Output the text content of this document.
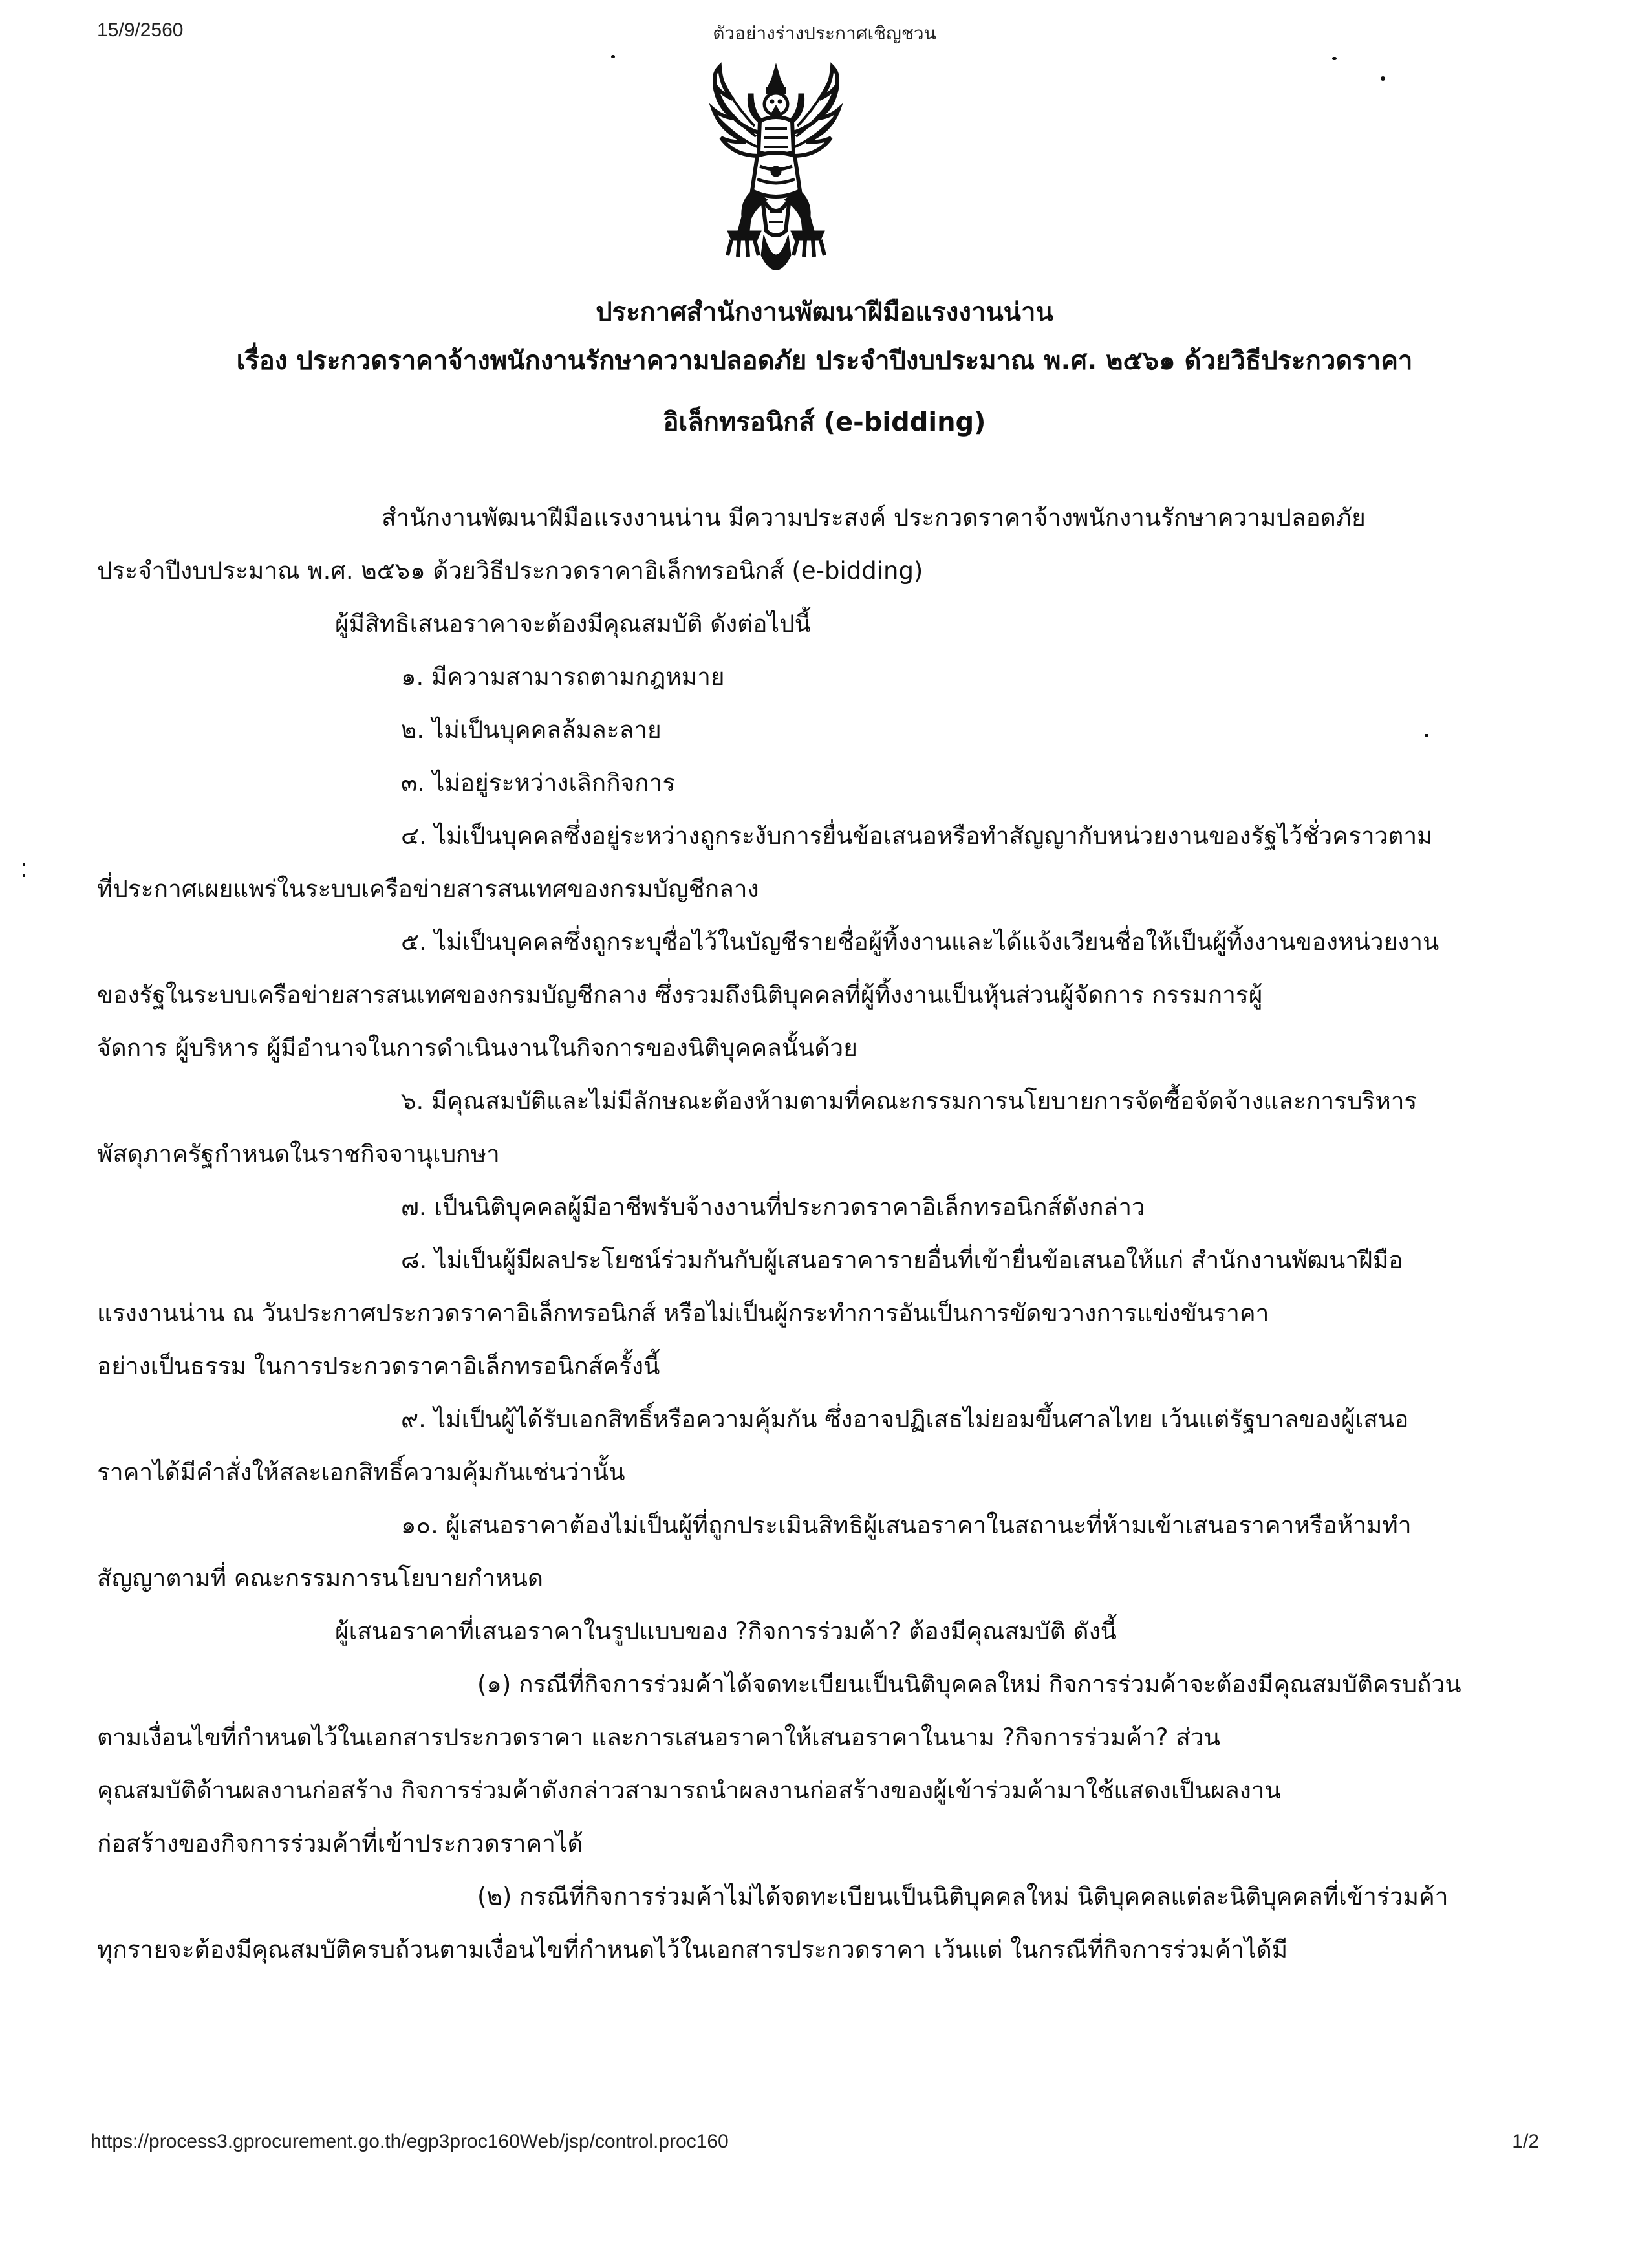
15/9/2560	ตัวอย่างร่างประกาศเชิญชวน
ประกาศสำนักงานพัฒนาฝีมือแรงงานน่าน
เรื่อง ประกวดราคาจ้างพนักงานรักษาความปลอดภัย ประจำปีงบประมาณ พ.ศ. ๒๕๖๑ ด้วยวิธีประกวดราคา
อิเล็กทรอนิกส์ (e-bidding)
สำนักงานพัฒนาฝีมือแรงงานน่าน มีความประสงค์ ประกวดราคาจ้างพนักงานรักษาความปลอดภัย
ประจำปีงบประมาณ พ.ศ. ๒๕๖๑ ด้วยวิธีประกวดราคาอิเล็กทรอนิกส์ (e-bidding)
ผู้มีสิทธิเสนอราคาจะต้องมีคุณสมบัติ ดังต่อไปนี้
๑. มีความสามารถตามกฎหมาย
๒. ไม่เป็นบุคคลล้มละลาย
๓. ไม่อยู่ระหว่างเลิกกิจการ
๔. ไม่เป็นบุคคลซึ่งอยู่ระหว่างถูกระงับการยื่นข้อเสนอหรือทำสัญญากับหน่วยงานของรัฐไว้ชั่วคราวตาม
ที่ประกาศเผยแพร่ในระบบเครือข่ายสารสนเทศของกรมบัญชีกลาง
๕. ไม่เป็นบุคคลซึ่งถูกระบุชื่อไว้ในบัญชีรายชื่อผู้ทิ้งงานและได้แจ้งเวียนชื่อให้เป็นผู้ทิ้งงานของหน่วยงาน
ของรัฐในระบบเครือข่ายสารสนเทศของกรมบัญชีกลาง ซึ่งรวมถึงนิติบุคคลที่ผู้ทิ้งงานเป็นหุ้นส่วนผู้จัดการ กรรมการผู้
จัดการ ผู้บริหาร ผู้มีอำนาจในการดำเนินงานในกิจการของนิติบุคคลนั้นด้วย
๖. มีคุณสมบัติและไม่มีลักษณะต้องห้ามตามที่คณะกรรมการนโยบายการจัดซื้อจัดจ้างและการบริหาร
พัสดุภาครัฐกำหนดในราชกิจจานุเบกษา
๗. เป็นนิติบุคคลผู้มีอาชีพรับจ้างงานที่ประกวดราคาอิเล็กทรอนิกส์ดังกล่าว
๘. ไม่เป็นผู้มีผลประโยชน์ร่วมกันกับผู้เสนอราคารายอื่นที่เข้ายื่นข้อเสนอให้แก่ สำนักงานพัฒนาฝีมือ
แรงงานน่าน ณ วันประกาศประกวดราคาอิเล็กทรอนิกส์ หรือไม่เป็นผู้กระทำการอันเป็นการขัดขวางการแข่งขันราคา
อย่างเป็นธรรม ในการประกวดราคาอิเล็กทรอนิกส์ครั้งนี้
๙. ไม่เป็นผู้ได้รับเอกสิทธิ์หรือความคุ้มกัน ซึ่งอาจปฏิเสธไม่ยอมขึ้นศาลไทย เว้นแต่รัฐบาลของผู้เสนอ
ราคาได้มีคำสั่งให้สละเอกสิทธิ์ความคุ้มกันเช่นว่านั้น
๑๐. ผู้เสนอราคาต้องไม่เป็นผู้ที่ถูกประเมินสิทธิผู้เสนอราคาในสถานะที่ห้ามเข้าเสนอราคาหรือห้ามทำ
สัญญาตามที่ คณะกรรมการนโยบายกำหนด
ผู้เสนอราคาที่เสนอราคาในรูปแบบของ ?กิจการร่วมค้า? ต้องมีคุณสมบัติ ดังนี้
(๑) กรณีที่กิจการร่วมค้าได้จดทะเบียนเป็นนิติบุคคลใหม่ กิจการร่วมค้าจะต้องมีคุณสมบัติครบถ้วน
ตามเงื่อนไขที่กำหนดไว้ในเอกสารประกวดราคา และการเสนอราคาให้เสนอราคาในนาม ?กิจการร่วมค้า? ส่วน
คุณสมบัติด้านผลงานก่อสร้าง กิจการร่วมค้าดังกล่าวสามารถนำผลงานก่อสร้างของผู้เข้าร่วมค้ามาใช้แสดงเป็นผลงาน
ก่อสร้างของกิจการร่วมค้าที่เข้าประกวดราคาได้
(๒) กรณีที่กิจการร่วมค้าไม่ได้จดทะเบียนเป็นนิติบุคคลใหม่ นิติบุคคลแต่ละนิติบุคคลที่เข้าร่วมค้า
ทุกรายจะต้องมีคุณสมบัติครบถ้วนตามเงื่อนไขที่กำหนดไว้ในเอกสารประกวดราคา เว้นแต่ ในกรณีที่กิจการร่วมค้าได้มี
https://process3.gprocurement.go.th/egp3proc160Web/jsp/control.proc160	1/2
